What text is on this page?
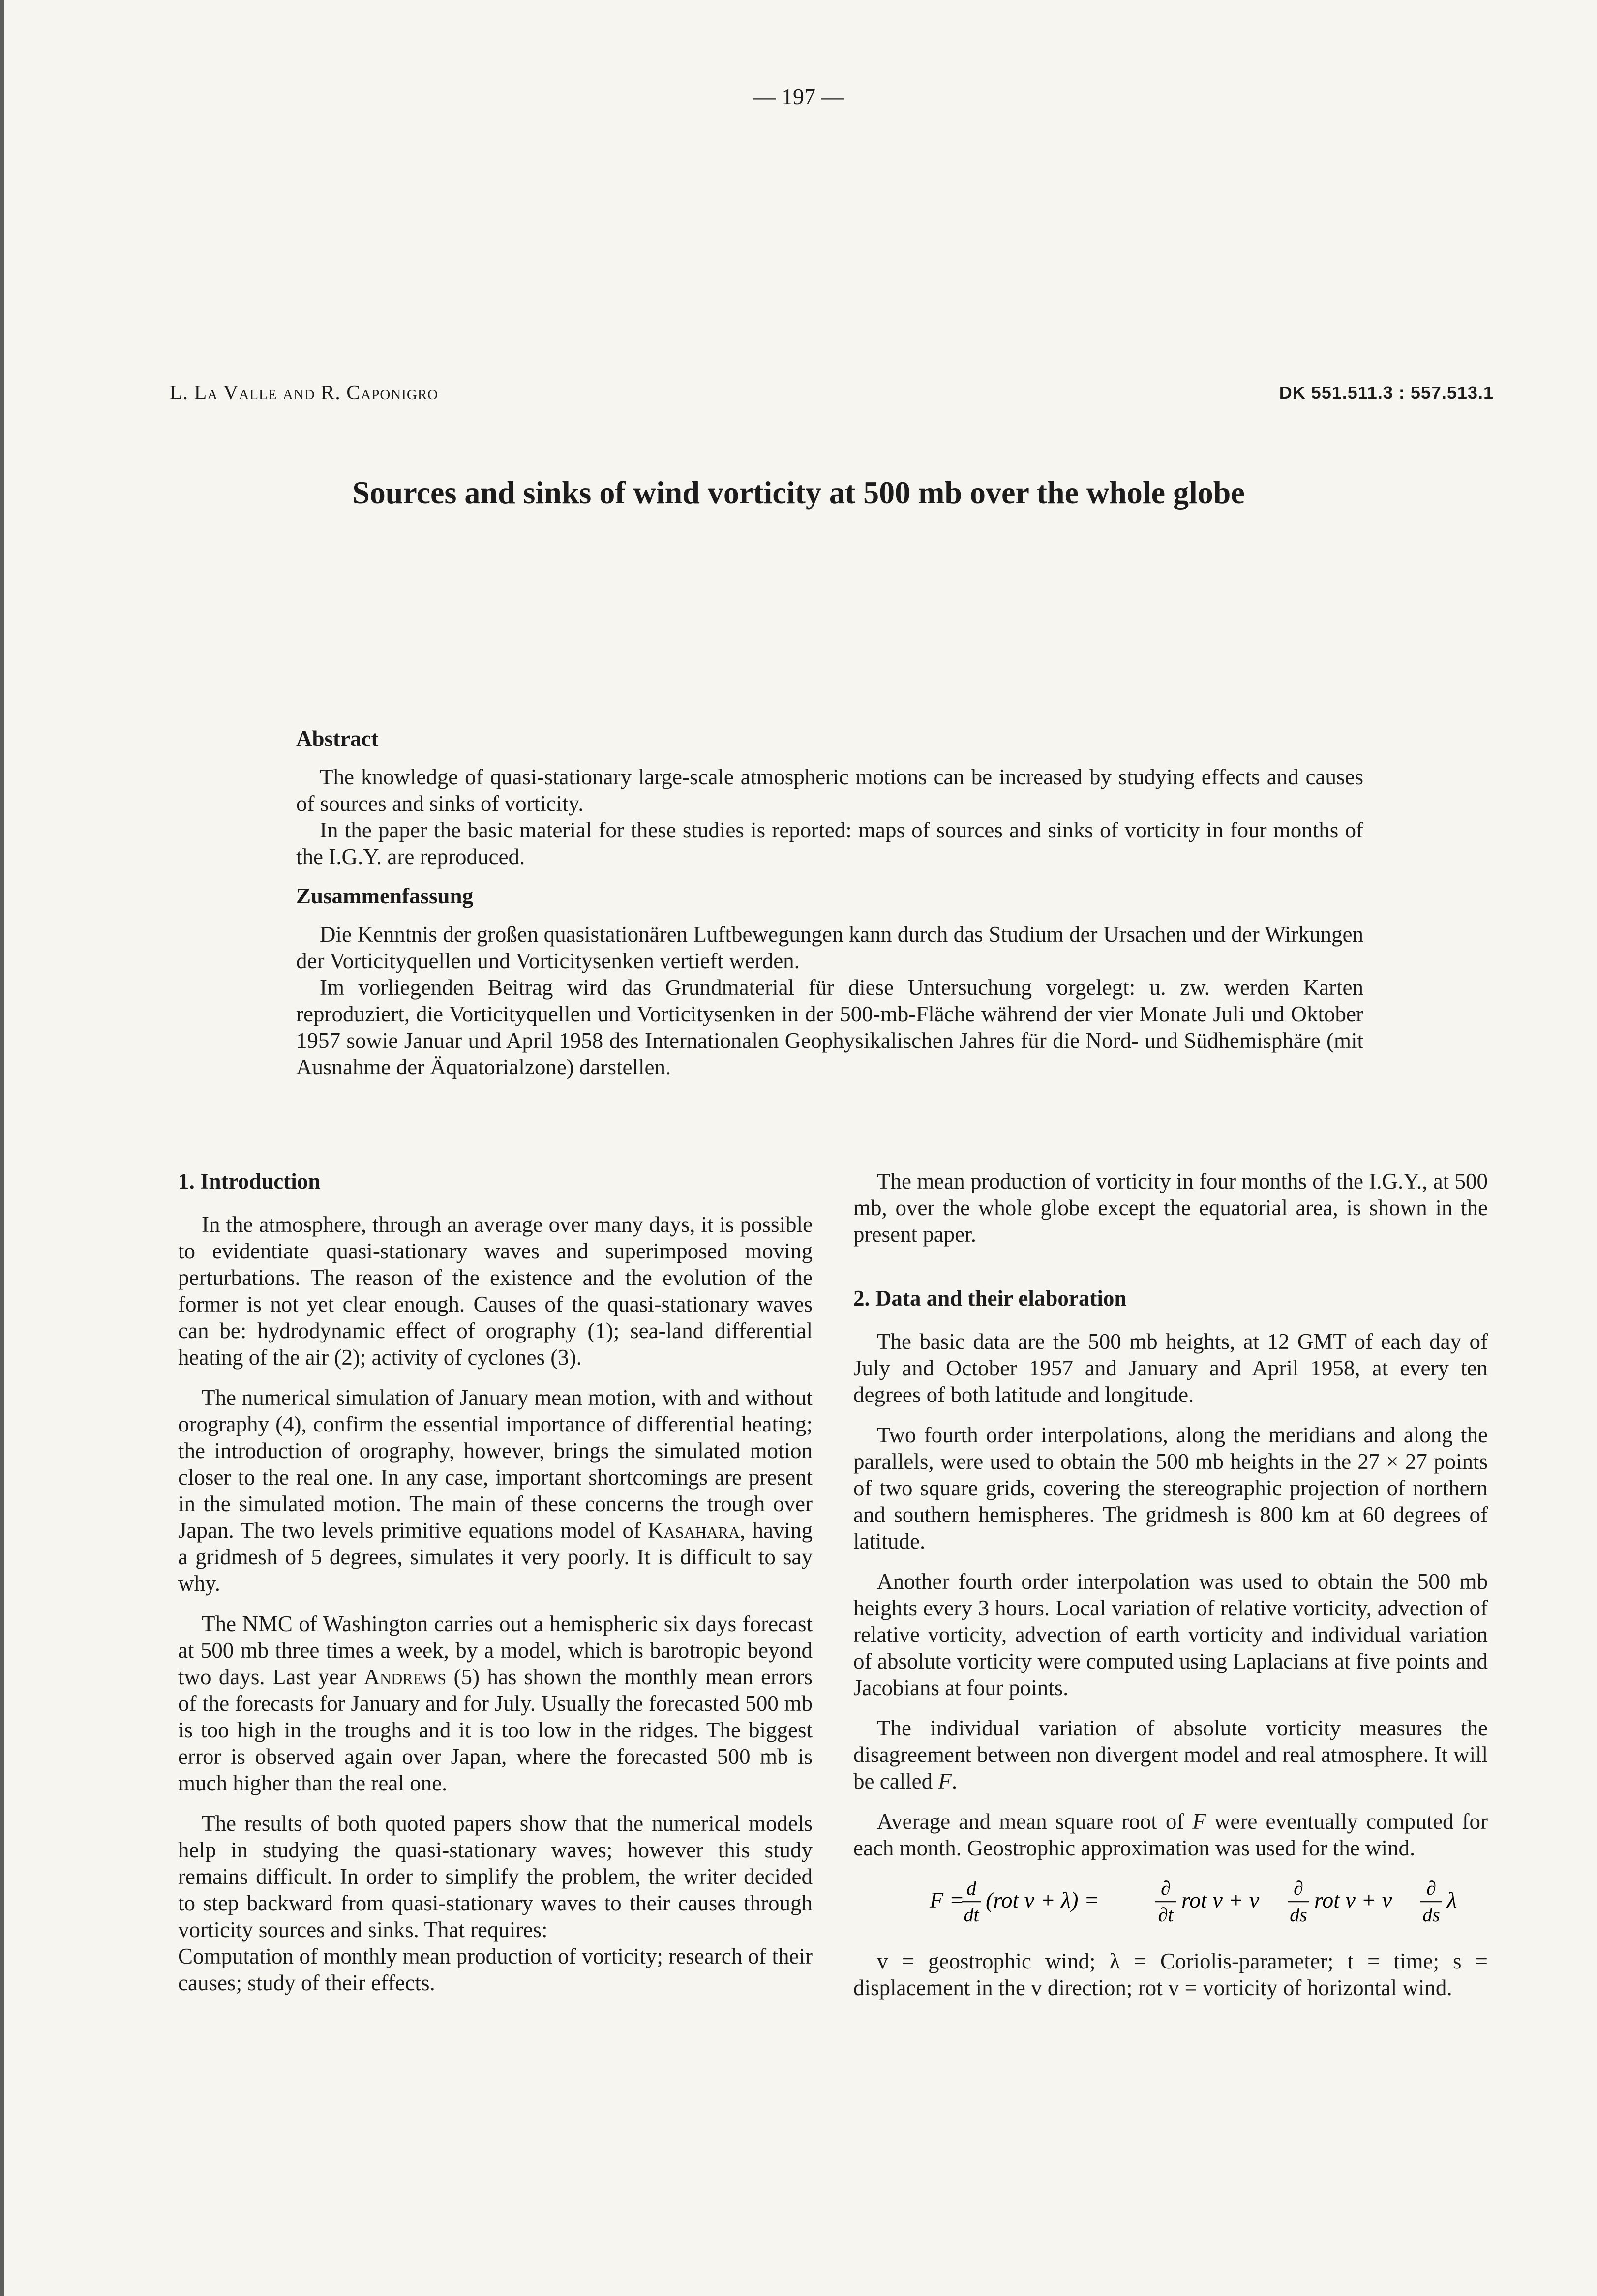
— 197 —
L. La Valle and R. Caponigro	DK 551.511.3 : 557.513.1
Sources and sinks of wind vorticity at 500 mb over the whole globe
Abstract

The knowledge of quasi-stationary large-scale atmospheric motions can be increased by studying effects and causes of sources and sinks of vorticity.

In the paper the basic material for these studies is reported: maps of sources and sinks of vorticity in four months of the I.G.Y. are reproduced.

Zusammenfassung

Die Kenntnis der großen quasistationären Luftbewegungen kann durch das Studium der Ursachen und der Wirkungen der Vorticityquellen und Vorticitysenken vertieft werden.

Im vorliegenden Beitrag wird das Grundmaterial für diese Untersuchung vorgelegt: u. zw. werden Karten reproduziert, die Vorticityquellen und Vorticitysenken in der 500-mb-Fläche während der vier Monate Juli und Oktober 1957 sowie Januar und April 1958 des Internationalen Geophysikalischen Jahres für die Nord- und Südhemisphäre (mit Ausnahme der Äquatorialzone) darstellen.

1. Introduction

In the atmosphere, through an average over many days, it is possible to evidentiate quasi-stationary waves and superimposed moving perturbations. The reason of the existence and the evolution of the former is not yet clear enough. Causes of the quasi-stationary waves can be: hydrodynamic effect of orography (1); sea-land differential heating of the air (2); activity of cyclones (3).

The numerical simulation of January mean motion, with and without orography (4), confirm the essential importance of differential heating; the introduction of orography, however, brings the simulated motion closer to the real one. In any case, important shortcomings are present in the simulated motion. The main of these concerns the trough over Japan. The two levels primitive equations model of Kasahara, having a gridmesh of 5 degrees, simulates it very poorly. It is difficult to say why.

The NMC of Washington carries out a hemispheric six days forecast at 500 mb three times a week, by a model, which is barotropic beyond two days. Last year Andrews (5) has shown the monthly mean errors of the forecasts for January and for July. Usually the forecasted 500 mb is too high in the troughs and it is too low in the ridges. The biggest error is observed again over Japan, where the forecasted 500 mb is much higher than the real one.

The results of both quoted papers show that the numerical models help in studying the quasi-stationary waves; however this study remains difficult. In order to simplify the problem, the writer decided to step backward from quasi-stationary waves to their causes through vorticity sources and sinks. That requires:

Computation of monthly mean production of vorticity; research of their causes; study of their effects.

The mean production of vorticity in four months of the I.G.Y., at 500 mb, over the whole globe except the equatorial area, is shown in the present paper.

2. Data and their elaboration

The basic data are the 500 mb heights, at 12 GMT of each day of July and October 1957 and January and April 1958, at every ten degrees of both latitude and longitude.

Two fourth order interpolations, along the meridians and along the parallels, were used to obtain the 500 mb heights in the 27 × 27 points of two square grids, covering the stereographic projection of northern and southern hemispheres. The gridmesh is 800 km at 60 degrees of latitude.

Another fourth order interpolation was used to obtain the 500 mb heights every 3 hours. Local variation of relative vorticity, advection of relative vorticity, advection of earth vorticity and individual variation of absolute vorticity were computed using Laplacians at five points and Jacobians at four points.

The individual variation of absolute vorticity measures the disagreement between non divergent model and real atmosphere. It will be called F.

Average and mean square root of F were eventually computed for each month. Geostrophic approximation was used for the wind.

F = d
dt
(rot v + λ) =	∂
∂t
rot v + v ∂
ds
rot v + v ∂
ds
λ

v = geostrophic wind; λ = Coriolis-parameter; t = time; s = displacement in the v direction; rot v = vorticity of horizontal wind.
